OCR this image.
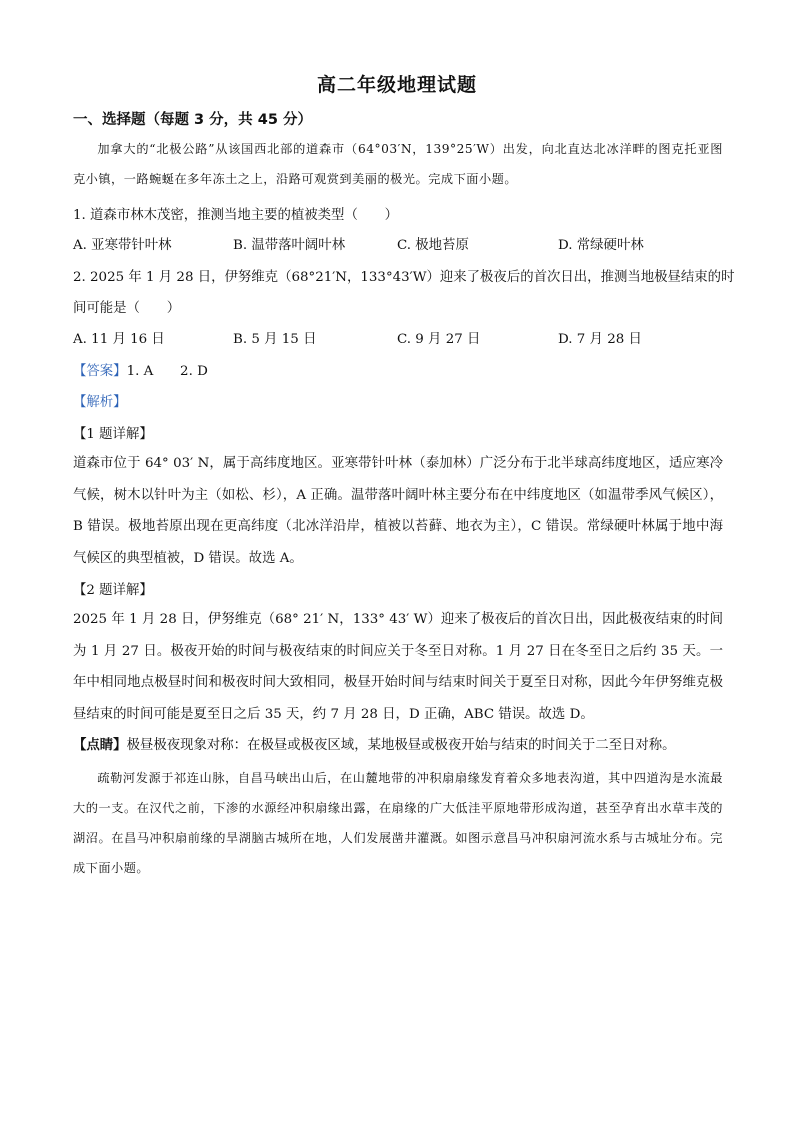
高二年级地理试题
一、选择题（每题 3 分，共 45 分）
加拿大的“北极公路”从该国西北部的道森市（64°03′N，139°25′W）出发，向北直达北冰洋畔的图克托亚图克小镇，一路蜿蜒在多年冻土之上，沿路可观赏到美丽的极光。完成下面小题。
1. 道森市林木茂密，推测当地主要的植被类型（　　）
A. 亚寒带针叶林	B. 温带落叶阔叶林	C. 极地苔原	D. 常绿硬叶林
2. 2025 年 1 月 28 日，伊努维克（68°21′N，133°43′W）迎来了极夜后的首次日出，推测当地极昼结束的时
间可能是（　　）
A. 11 月 16 日	B. 5 月 15 日	C. 9 月 27 日	D. 7 月 28 日
【答案】1. A　　2. D
【解析】
【1 题详解】
道森市位于 64° 03′ N，属于高纬度地区。亚寒带针叶林（泰加林）广泛分布于北半球高纬度地区，适应寒冷气候，树木以针叶为主（如松、杉），A 正确。温带落叶阔叶林主要分布在中纬度地区（如温带季风气候区），B 错误。极地苔原出现在更高纬度（北冰洋沿岸，植被以苔藓、地衣为主），C 错误。常绿硬叶林属于地中海气候区的典型植被，D 错误。故选 A。
【2 题详解】
2025 年 1 月 28 日，伊努维克（68° 21′ N，133° 43′ W）迎来了极夜后的首次日出，因此极夜结束的时间为 1 月 27 日。极夜开始的时间与极夜结束的时间应关于冬至日对称。1 月 27 日在冬至日之后约 35 天。一年中相同地点极昼时间和极夜时间大致相同，极昼开始时间与结束时间关于夏至日对称，因此今年伊努维克极昼结束的时间可能是夏至日之后 35 天，约 7 月 28 日，D 正确，ABC 错误。故选 D。
【点睛】极昼极夜现象对称：在极昼或极夜区域，某地极昼或极夜开始与结束的时间关于二至日对称。
疏勒河发源于祁连山脉，自昌马峡出山后，在山麓地带的冲积扇扇缘发育着众多地表沟道，其中四道沟是水流最大的一支。在汉代之前，下渗的水源经冲积扇缘出露，在扇缘的广大低洼平原地带形成沟道，甚至孕育出水草丰茂的湖沼。在昌马冲积扇前缘的旱湖脑古城所在地，人们发展凿井灌溉。如图示意昌马冲积扇河流水系与古城址分布。完成下面小题。
